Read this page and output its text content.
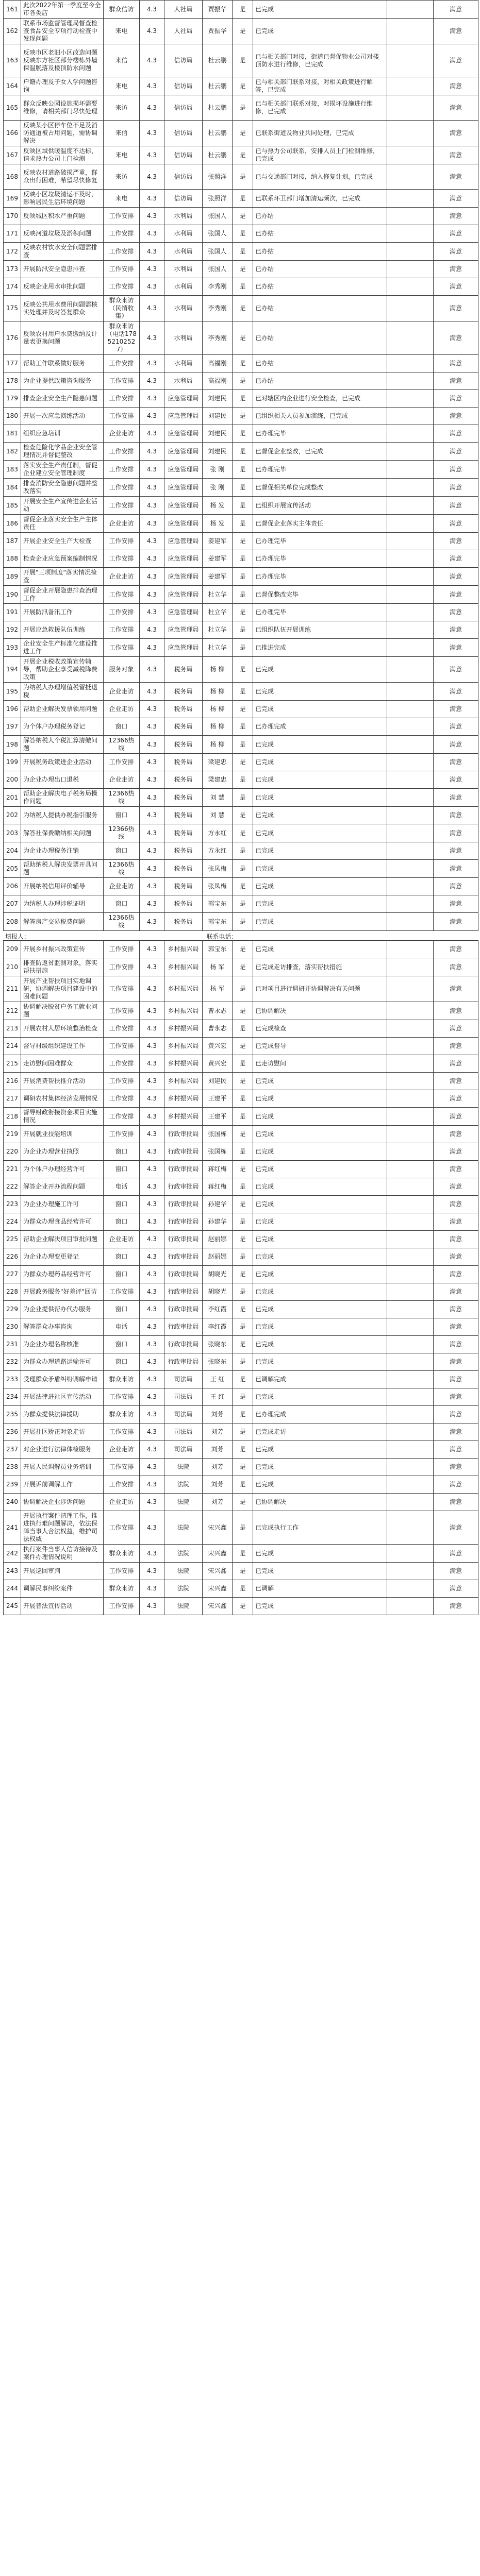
161	此次2022年第一季度至今全市各类店	群众信访	4.3	人社局	贾振华	是	已完成		满意
162	联系市场监督管理局督查检查食品安全专项行动检查中发现问题	来电	4.3	人社局	贾振华	是	已完成		满意
163	反映市区老旧小区改造问题反映东方社区部分楼栋外墙保温脱落及楼顶防水问题	来信	4.3	信访局	杜云鹏	是	已与相关部门对接，街道已督促物业公司对楼顶防水进行维修，已完成		满意
164	户籍办理及子女入学问题咨询	来电	4.3	信访局	杜云鹏	是	已与相关部门联系对接，对相关政策进行解答，已完成		满意
165	群众反映公园设施损坏需要维修，请相关部门尽快处理	来访	4.3	信访局	杜云鹏	是	已与相关部门联系对接，对损坏设施进行维修，已完成		满意
166	反映某小区停车位不足及消防通道被占用问题，需协调解决	来信	4.3	信访局	杜云鹏	是	已联系街道及物业共同处理，已完成		满意
167	反映区域供暖温度不达标，请求热力公司上门检测	来电	4.3	信访局	杜云鹏	是	已与热力公司联系，安排人员上门检测维修，已完成		满意
168	反映农村道路破损严重，群众出行困难，希望尽快修复	来访	4.3	信访局	张照洋	是	已与交通部门对接，纳入修复计划，已完成		满意
169	反映小区垃圾清运不及时，影响居民生活环境问题	来电	4.3	信访局	张照洋	是	已联系环卫部门增加清运频次，已完成		满意
170	反映城区积水严重问题	工作安排	4.3	水利局	张国人	是	已办结		满意
171	反映河道垃圾及淤积问题	工作安排	4.3	水利局	张国人	是	已办结		满意
172	反映农村饮水安全问题需排查	工作安排	4.3	水利局	张国人	是	已办结		满意
173	开展防汛安全隐患排查	工作安排	4.3	水利局	张国人	是	已办结		满意
174	反映企业用水审批问题	工作安排	4.3	水利局	李秀刚	是	已办结		满意
175	反映公共用水费用问题需核实处理并及时答复群众	群众来访（民情收集）	4.3	水利局	李秀刚	是	已办结		满意
176	反映农村用户水费缴纳及计量表更换问题	群众来访（电话17852102527）	4.3	水利局	李秀刚	是	已办结		满意
177	帮助工作联系做好服务	工作安排	4.3	水利局	高福刚	是	已办结		满意
178	为企业提供政策咨询服务	工作安排	4.3	水利局	高福刚	是	已办结		满意
179	排查企业安全生产隐患问题	工作安排	4.3	应急管理局	刘建民	是	已对辖区内企业进行安全检查，已完成		满意
180	开展一次应急演练活动	工作安排	4.3	应急管理局	刘建民	是	已组织相关人员参加演练，已完成		满意
181	组织应急培训	企业走访	4.3	应急管理局	刘建民	是	已办理完毕		满意
182	检查危险化学品企业安全管理情况并督促整改	工作安排	4.3	应急管理局	刘建民	是	已督促企业整改，已完成		满意
183	落实安全生产责任制，督促企业建立安全管理制度	工作安排	4.3	应急管理局	张 刚	是	已办理完毕		满意
184	排查消防安全隐患问题并整改落实	工作安排	4.3	应急管理局	张 刚	是	已督促相关单位完成整改		满意
185	开展安全生产宣传进企业活动	工作安排	4.3	应急管理局	杨 发	是	已组织开展宣传活动		满意
186	督促企业落实安全生产主体责任	企业走访	4.3	应急管理局	杨 发	是	已督促企业落实主体责任		满意
187	开展企业安全生产大检查	工作安排	4.3	应急管理局	姜建军	是	已办理完毕		满意
188	检查企业应急预案编制情况	工作安排	4.3	应急管理局	姜建军	是	已办理完毕		满意
189	开展"三项制度"落实情况检查	企业走访	4.3	应急管理局	姜建军	是	已办理完毕		满意
190	督促企业开展隐患排查治理工作	工作安排	4.3	应急管理局	杜立华	是	已督促整改完毕		满意
191	开展防汛备汛工作	工作安排	4.3	应急管理局	杜立华	是	已办理完毕		满意
192	开展应急救援队伍训练	工作安排	4.3	应急管理局	杜立华	是	已组织队伍开展训练		满意
193	企业安全生产标准化建设推进工作	工作安排	4.3	应急管理局	杜立华	是	已推进完成		满意
194	开展企业税收政策宣传辅导，帮助企业享受减税降费政策	服务对象	4.3	税务局	杨 柳	是	已完成		满意
195	为纳税人办理增值税留抵退税	企业走访	4.3	税务局	杨 柳	是	已完成		满意
196	帮助企业解决发票领用问题	企业走访	4.3	税务局	杨 柳	是	已完成		满意
197	为个体户办理税务登记	窗口	4.3	税务局	杨 柳	是	已办理完成		满意
198	解答纳税人个税汇算清缴问题	12366热线	4.3	税务局	杨 柳	是	已完成		满意
199	开展税务政策进企业活动	工作安排	4.3	税务局	梁建忠	是	已完成		满意
200	为企业办理出口退税	企业走访	4.3	税务局	梁建忠	是	已完成		满意
201	帮助企业解决电子税务局操作问题	12366热线	4.3	税务局	刘 慧	是	已完成		满意
202	为纳税人提供办税指引服务	窗口	4.3	税务局	刘 慧	是	已完成		满意
203	解答社保费缴纳相关问题	12366热线	4.3	税务局	方永红	是	已完成		满意
204	为企业办理税务注销	窗口	4.3	税务局	方永红	是	已完成		满意
205	帮助纳税人解决发票开具问题	12366热线	4.3	税务局	张凤梅	是	已完成		满意
206	开展纳税信用评价辅导	企业走访	4.3	税务局	张凤梅	是	已完成		满意
207	为纳税人办理涉税证明	窗口	4.3	税务局	郭宝东	是	已完成		满意
208	解答房产交易税费问题	12366热线	4.3	税务局	郭宝东	是	已完成		满意
填报人：	联系电话：
209	开展乡村振兴政策宣传	工作安排	4.3	乡村振兴局	郭宝东	是	已完成		满意
210	排查防返贫监测对象，落实帮扶措施	工作安排	4.3	乡村振兴局	杨 军	是	已完成走访排查，落实帮扶措施		满意
211	开展产业帮扶项目实地调研，协调解决项目建设中的困难问题	工作安排	4.3	乡村振兴局	杨 军	是	已对项目进行调研并协调解决有关问题		满意
212	协调解决脱贫户务工就业问题	工作安排	4.3	乡村振兴局	曹永志	是	已协调解决		满意
213	开展农村人居环境整治检查	工作安排	4.3	乡村振兴局	曹永志	是	已完成检查		满意
214	督导村级组织建设工作	工作安排	4.3	乡村振兴局	黄兴宏	是	已完成督导		满意
215	走访慰问困难群众	工作安排	4.3	乡村振兴局	黄兴宏	是	已走访慰问		满意
216	开展消费帮扶推介活动	工作安排	4.3	乡村振兴局	刘建民	是	已完成		满意
217	调研农村集体经济发展情况	工作安排	4.3	乡村振兴局	王建平	是	已完成		满意
218	督导财政衔接资金项目实施情况	工作安排	4.3	乡村振兴局	王建平	是	已完成		满意
219	开展就业技能培训	工作安排	4.3	行政审批局	张国栋	是	已完成		满意
220	为企业办理营业执照	窗口	4.3	行政审批局	张国栋	是	已完成		满意
221	为个体户办理经营许可	窗口	4.3	行政审批局	蒋红梅	是	已完成		满意
222	解答企业开办流程问题	电话	4.3	行政审批局	蒋红梅	是	已完成		满意
223	为企业办理施工许可	窗口	4.3	行政审批局	孙建华	是	已完成		满意
224	为群众办理食品经营许可	窗口	4.3	行政审批局	孙建华	是	已完成		满意
225	帮助企业解决项目审批问题	企业走访	4.3	行政审批局	赵丽娜	是	已完成		满意
226	为企业办理变更登记	窗口	4.3	行政审批局	赵丽娜	是	已完成		满意
227	为群众办理药品经营许可	窗口	4.3	行政审批局	胡晓光	是	已完成		满意
228	开展政务服务"好差评"回访	工作安排	4.3	行政审批局	胡晓光	是	已完成		满意
229	为企业提供帮办代办服务	窗口	4.3	行政审批局	李红霞	是	已完成		满意
230	解答群众办事咨询	电话	4.3	行政审批局	李红霞	是	已完成		满意
231	为企业办理名称核准	窗口	4.3	行政审批局	张晓东	是	已完成		满意
232	为群众办理道路运输许可	窗口	4.3	行政审批局	张晓东	是	已完成		满意
233	受理群众矛盾纠纷调解申请	群众来访	4.3	司法局	王 红	是	已调解完成		满意
234	开展法律进社区宣传活动	工作安排	4.3	司法局	王 红	是	已完成		满意
235	为群众提供法律援助	群众来访	4.3	司法局	刘芳	是	已办理完成		满意
236	开展社区矫正对象走访	工作安排	4.3	司法局	刘芳	是	已完成走访		满意
237	对企业进行法律体检服务	企业走访	4.3	司法局	刘芳	是	已完成		满意
238	开展人民调解员业务培训	工作安排	4.3	法院	刘芳	是	已完成		满意
239	开展诉前调解工作	工作安排	4.3	法院	刘芳	是	已完成		满意
240	协调解决企业涉诉问题	企业走访	4.3	法院	刘芳	是	已协调解决		满意
241	开展执行案件清理工作，推进执行难问题解决，依法保障当事人合法权益，维护司法权威	工作安排	4.3	法院	宋兴鑫	是	已完成执行工作		满意
242	执行案件当事人信访接待及案件办理情况说明	群众来访	4.3	法院	宋兴鑫	是	已完成		满意
243	开展巡回审判	工作安排	4.3	法院	宋兴鑫	是	已完成		满意
244	调解民事纠纷案件	群众来访	4.3	法院	宋兴鑫	是	已调解		满意
245	开展普法宣传活动	工作安排	4.3	法院	宋兴鑫	是	已完成		满意
